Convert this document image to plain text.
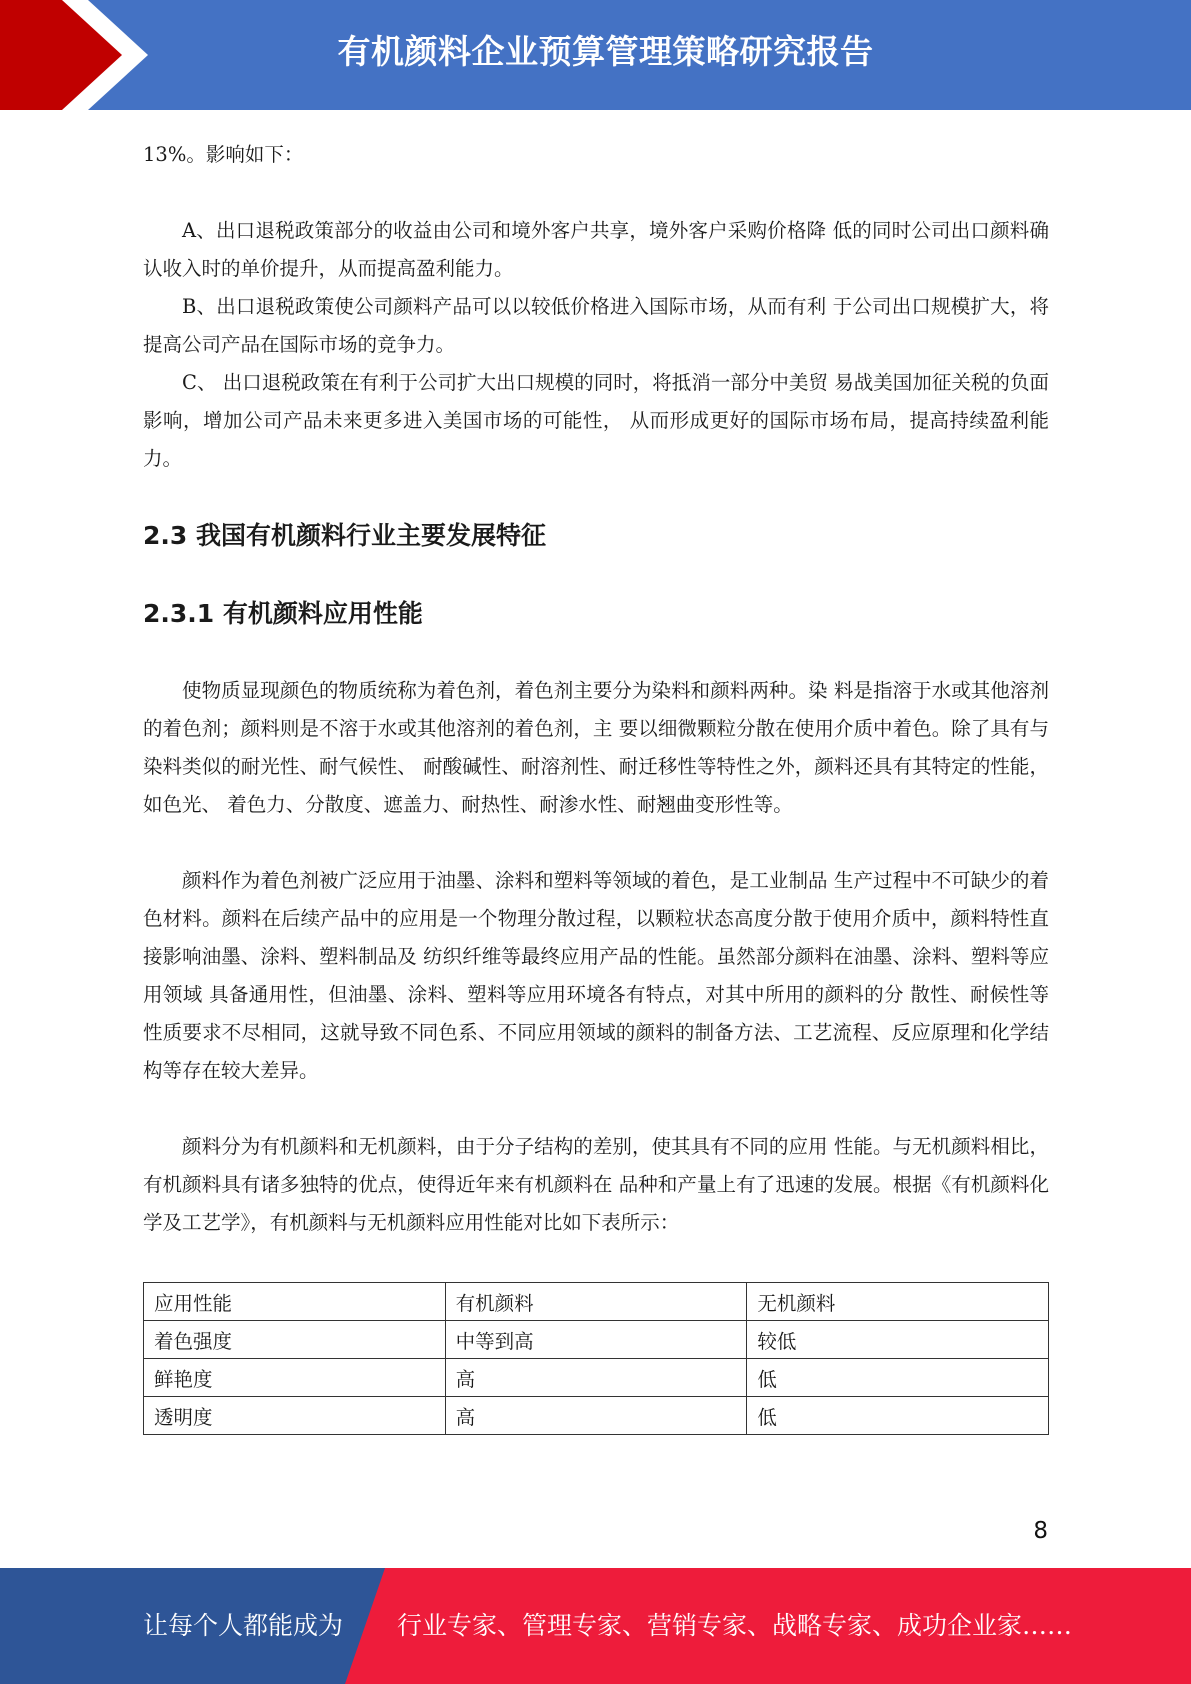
有机颜料企业预算管理策略研究报告

13%。影响如下：

A、出口退税政策部分的收益由公司和境外客户共享，境外客户采购价格降 低的同时公司出口颜料确认收入时的单价提升，从而提高盈利能力。

B、出口退税政策使公司颜料产品可以以较低价格进入国际市场，从而有利 于公司出口规模扩大，将提高公司产品在国际市场的竞争力。

C、 出口退税政策在有利于公司扩大出口规模的同时，将抵消一部分中美贸 易战美国加征关税的负面影响，增加公司产品未来更多进入美国市场的可能性， 从而形成更好的国际市场布局，提高持续盈利能力。

2.3 我国有机颜料行业主要发展特征
2.3.1 有机颜料应用性能

使物质显现颜色的物质统称为着色剂，着色剂主要分为染料和颜料两种。染 料是指溶于水或其他溶剂的着色剂；颜料则是不溶于水或其他溶剂的着色剂，主 要以细微颗粒分散在使用介质中着色。除了具有与染料类似的耐光性、耐气候性、 耐酸碱性、耐溶剂性、耐迁移性等特性之外，颜料还具有其特定的性能，如色光、 着色力、分散度、遮盖力、耐热性、耐渗水性、耐翘曲变形性等。

颜料作为着色剂被广泛应用于油墨、涂料和塑料等领域的着色，是工业制品 生产过程中不可缺少的着色材料。颜料在后续产品中的应用是一个物理分散过程，以颗粒状态高度分散于使用介质中，颜料特性直接影响油墨、涂料、塑料制品及 纺织纤维等最终应用产品的性能。虽然部分颜料在油墨、涂料、塑料等应用领域 具备通用性，但油墨、涂料、塑料等应用环境各有特点，对其中所用的颜料的分 散性、耐候性等性质要求不尽相同，这就导致不同色系、不同应用领域的颜料的制备方法、工艺流程、反应原理和化学结构等存在较大差异。

颜料分为有机颜料和无机颜料，由于分子结构的差别，使其具有不同的应用 性能。与无机颜料相比，有机颜料具有诸多独特的优点，使得近年来有机颜料在 品种和产量上有了迅速的发展。根据《有机颜料化学及工艺学》，有机颜料与无机颜料应用性能对比如下表所示：

应用性能	有机颜料	无机颜料
着色强度	中等到高	较低
鲜艳度	高	低
透明度	高	低
8
让每个人都能成为 行业专家、管理专家、营销专家、战略专家、成功企业家……
